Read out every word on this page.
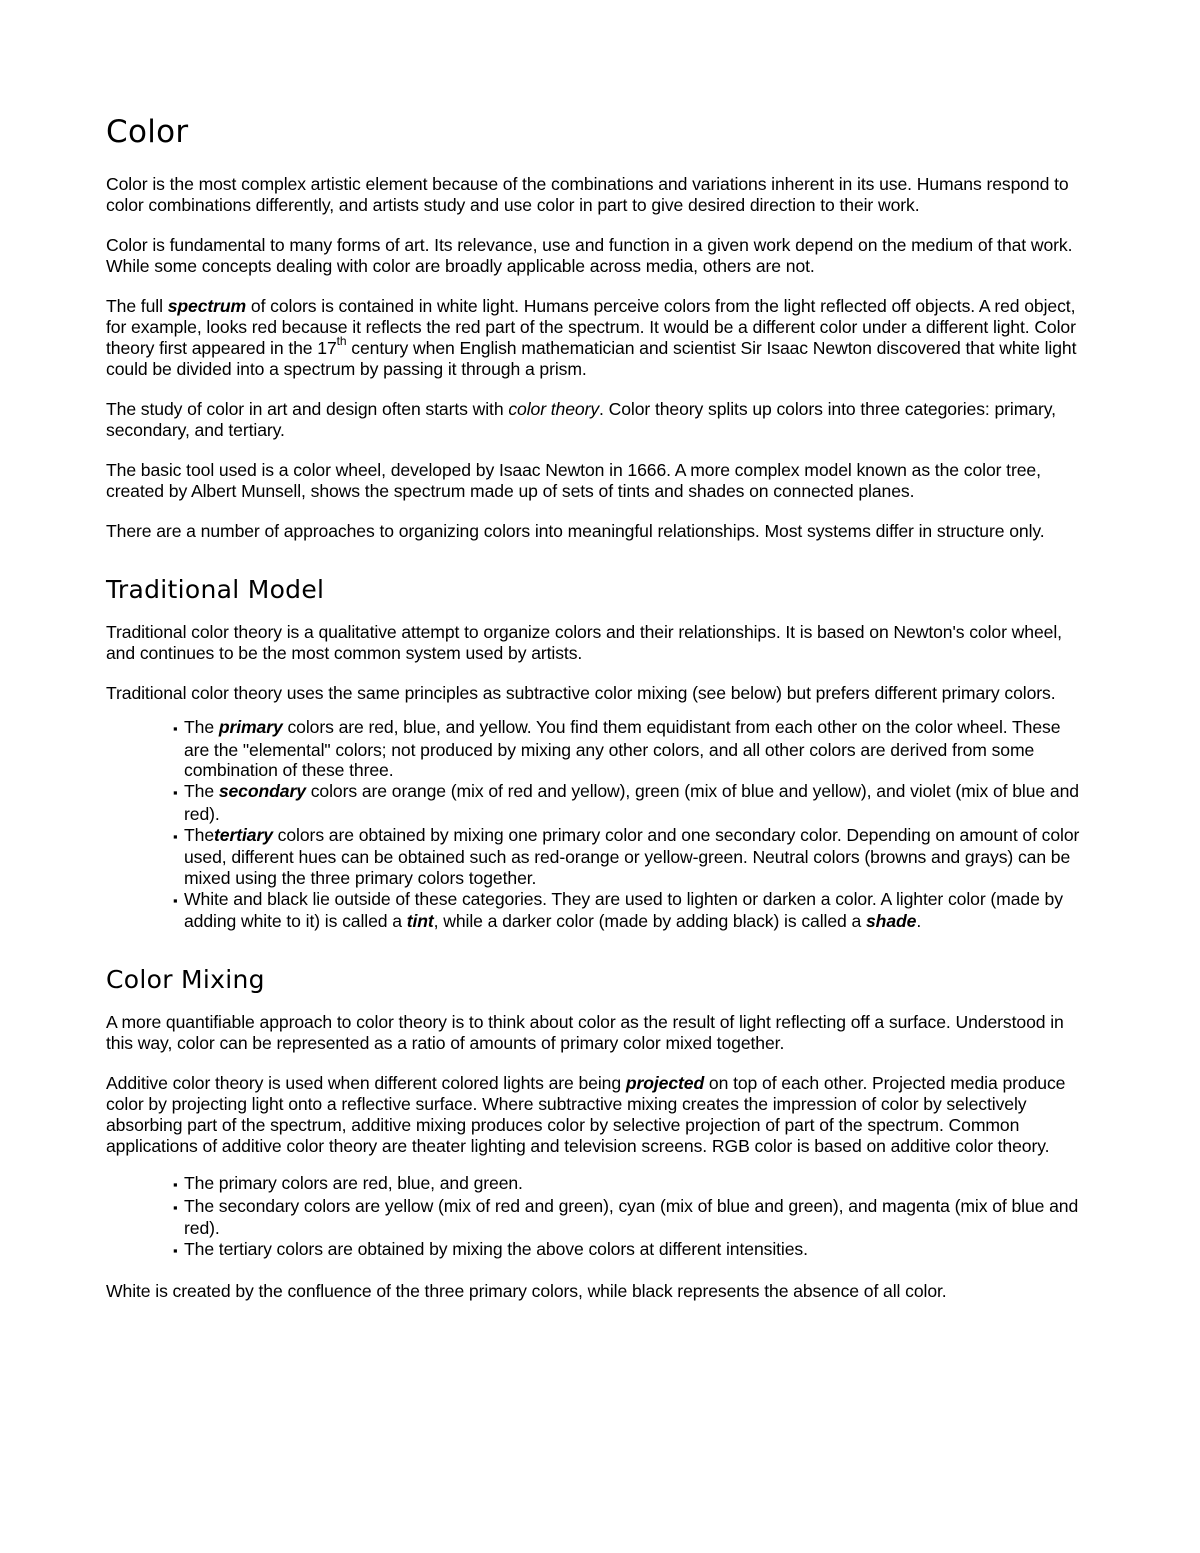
Color

Color is the most complex artistic element because of the combinations and variations inherent in its use. Humans respond to color combinations differently, and artists study and use color in part to give desired direction to their work.

Color is fundamental to many forms of art. Its relevance, use and function in a given work depend on the medium of that work. While some concepts dealing with color are broadly applicable across media, others are not.

The full spectrum of colors is contained in white light. Humans perceive colors from the light reflected off objects. A red object, for example, looks red because it reflects the red part of the spectrum. It would be a different color under a different light. Color theory first appeared in the 17th century when English mathematician and scientist Sir Isaac Newton discovered that white light could be divided into a spectrum by passing it through a prism.

The study of color in art and design often starts with color theory. Color theory splits up colors into three categories: primary, secondary, and tertiary.

The basic tool used is a color wheel, developed by Isaac Newton in 1666. A more complex model known as the color tree, created by Albert Munsell, shows the spectrum made up of sets of tints and shades on connected planes.

There are a number of approaches to organizing colors into meaningful relationships. Most systems differ in structure only.

Traditional Model

Traditional color theory is a qualitative attempt to organize colors and their relationships. It is based on Newton's color wheel, and continues to be the most common system used by artists.

Traditional color theory uses the same principles as subtractive color mixing (see below) but prefers different primary colors.

▪ The primary colors are red, blue, and yellow. You find them equidistant from each other on the color wheel. These are the "elemental" colors; not produced by mixing any other colors, and all other colors are derived from some combination of these three.
▪ The secondary colors are orange (mix of red and yellow), green (mix of blue and yellow), and violet (mix of blue and red).
▪ Thetertiary colors are obtained by mixing one primary color and one secondary color. Depending on amount of color used, different hues can be obtained such as red-orange or yellow-green. Neutral colors (browns and grays) can be mixed using the three primary colors together.
▪ White and black lie outside of these categories. They are used to lighten or darken a color. A lighter color (made by adding white to it) is called a tint, while a darker color (made by adding black) is called a shade.
Color Mixing

A more quantifiable approach to color theory is to think about color as the result of light reflecting off a surface. Understood in this way, color can be represented as a ratio of amounts of primary color mixed together.

Additive color theory is used when different colored lights are being projected on top of each other. Projected media produce color by projecting light onto a reflective surface. Where subtractive mixing creates the impression of color by selectively absorbing part of the spectrum, additive mixing produces color by selective projection of part of the spectrum. Common applications of additive color theory are theater lighting and television screens. RGB color is based on additive color theory.

▪ The primary colors are red, blue, and green.
▪ The secondary colors are yellow (mix of red and green), cyan (mix of blue and green), and magenta (mix of blue and red).
▪ The tertiary colors are obtained by mixing the above colors at different intensities.

White is created by the confluence of the three primary colors, while black represents the absence of all color.
